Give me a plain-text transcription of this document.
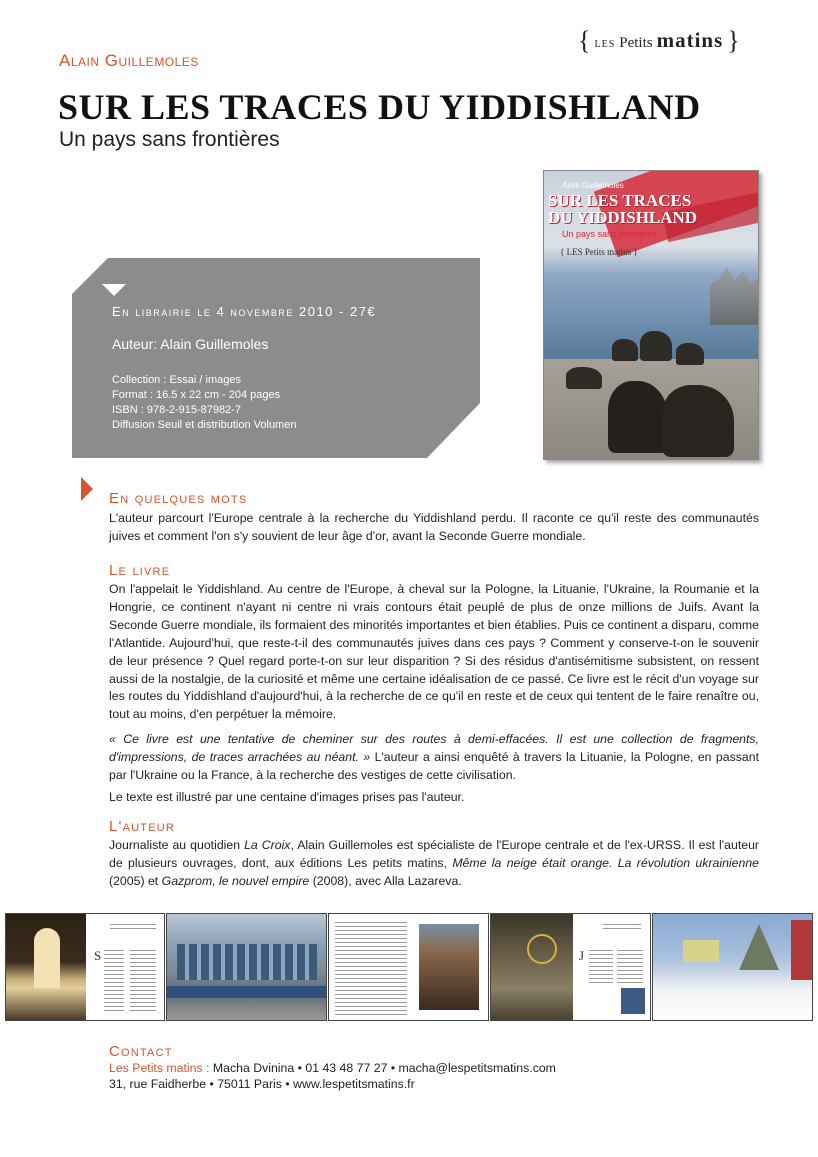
{ LES Petits matins }
Alain Guillemoles
SUR LES TRACES DU YIDDISHLAND
Un pays sans frontières
En librairie le 4 novembre 2010 - 27€
Auteur: Alain Guillemoles
Collection : Essai / images
Format : 16.5 x 22 cm - 204 pages
ISBN : 978-2-915-87982-7
Diffusion Seuil et distribution Volumen
Alain Guillemoles
SUR LES TRACES
DU YIDDISHLAND
Un pays sans frontières
{ LES Petits matins }
En quelques mots
L'auteur parcourt l'Europe centrale à la recherche du Yiddishland perdu. Il raconte ce qu'il reste des communautés juives et comment l'on s'y souvient de leur âge d'or, avant la Seconde Guerre mondiale.
Le livre
On l'appelait le Yiddishland. Au centre de l'Europe, à cheval sur la Pologne, la Lituanie, l'Ukraine, la Roumanie et la Hongrie, ce continent n'ayant ni centre ni vrais contours était peuplé de plus de onze millions de Juifs. Avant la Seconde Guerre mondiale, ils formaient des minorités importantes et bien établies. Puis ce continent a disparu, comme l'Atlantide. Aujourd'hui, que reste-t-il des communautés juives dans ces pays ? Comment y conserve-t-on le souvenir de leur présence ? Quel regard porte-t-on sur leur disparition ? Si des résidus d'antisémitisme subsistent, on ressent aussi de la nostalgie, de la curiosité et même une certaine idéalisation de ce passé. Ce livre est le récit d'un voyage sur les routes du Yiddishland d'aujourd'hui, à la recherche de ce qu'il en reste et de ceux qui tentent de le faire renaître ou, tout au moins, d'en perpétuer la mémoire.
« Ce livre est une tentative de cheminer sur des routes à demi-effacées. Il est une collection de fragments, d'impressions, de traces arrachées au néant. » L'auteur a ainsi enquêté à travers la Lituanie, la Pologne, en passant par l'Ukraine ou la France, à la recherche des vestiges de cette civilisation.
Le texte est illustré par une centaine d'images prises pas l'auteur.
L'auteur
Journaliste au quotidien La Croix, Alain Guillemoles est spécialiste de l'Europe centrale et de l'ex-URSS. Il est l'auteur de plusieurs ouvrages, dont, aux éditions Les petits matins, Même la neige était orange. La révolution ukrainienne (2005) et Gazprom, le nouvel empire (2008), avec Alla Lazareva.
S	J
Contact
Les Petits matins : Macha Dvinina • 01 43 48 77 27 • macha@lespetitsmatins.com
31, rue Faidherbe • 75011 Paris • www.lespetitsmatins.fr
